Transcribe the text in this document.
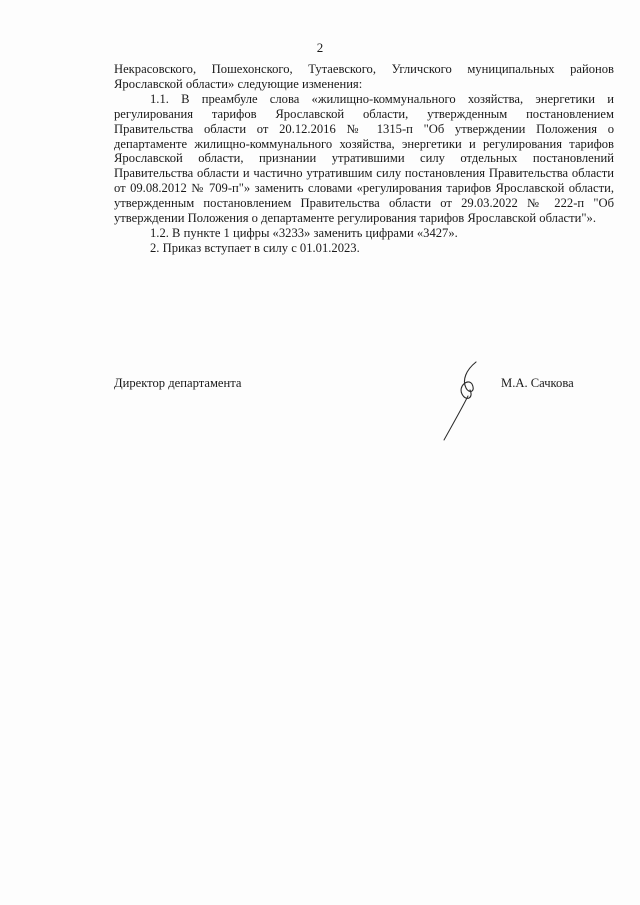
2

Некрасовского, Пошехонского, Тутаевского, Угличского муниципальных районов Ярославской области» следующие изменения:

1.1. В преамбуле слова «жилищно-коммунального хозяйства, энергетики и регулирования тарифов Ярославской области, утвержденным постановлением Правительства области от 20.12.2016 № 1315-п "Об утверждении Положения о департаменте жилищно-коммунального хозяйства, энергетики и регулирования тарифов Ярославской области, признании утратившими силу отдельных постановлений Правительства области и частично утратившим силу постановления Правительства области от 09.08.2012 № 709-п"» заменить словами «регулирования тарифов Ярославской области, утвержденным постановлением Правительства области от 29.03.2022 № 222-п "Об утверждении Положения о департаменте регулирования тарифов Ярославской области"».

1.2. В пункте 1 цифры «3233» заменить цифрами «3427».

2. Приказ вступает в силу с 01.01.2023.

Директор департамента	М.А. Сачкова
